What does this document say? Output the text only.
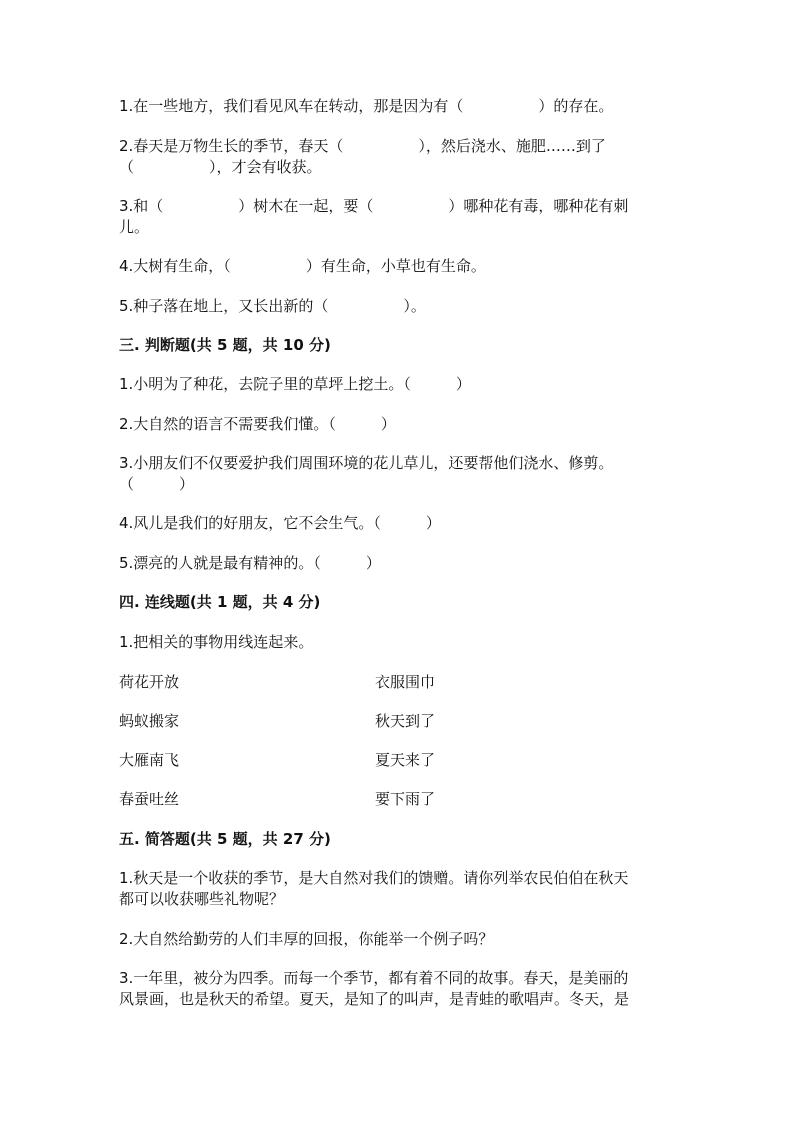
1.在一些地方，我们看见风车在转动，那是因为有（　　　　　）的存在。
2.春天是万物生长的季节，春天（　　　　　），然后浇水、施肥……到了
（　　　　　），才会有收获。
3.和（　　　　　）树木在一起，要（　　　　　）哪种花有毒，哪种花有刺
儿。
4.大树有生命，（　　　　　）有生命，小草也有生命。
5.种子落在地上，又长出新的（　　　　　）。
三. 判断题(共 5 题，共 10 分)
1.小明为了种花，去院子里的草坪上挖土。（　　　）
2.大自然的语言不需要我们懂。（　　　）
3.小朋友们不仅要爱护我们周围环境的花儿草儿，还要帮他们浇水、修剪。
（　　　）
4.风儿是我们的好朋友，它不会生气。（　　　）
5.漂亮的人就是最有精神的。（　　　）
四. 连线题(共 1 题，共 4 分)
1.把相关的事物用线连起来。
荷花开放	衣服围巾
蚂蚁搬家	秋天到了
大雁南飞	夏天来了
春蚕吐丝	要下雨了
五. 简答题(共 5 题，共 27 分)
1.秋天是一个收获的季节，是大自然对我们的馈赠。请你列举农民伯伯在秋天
都可以收获哪些礼物呢？
2.大自然给勤劳的人们丰厚的回报，你能举一个例子吗？
3.一年里，被分为四季。而每一个季节，都有着不同的故事。春天，是美丽的
风景画，也是秋天的希望。夏天，是知了的叫声，是青蛙的歌唱声。冬天，是
